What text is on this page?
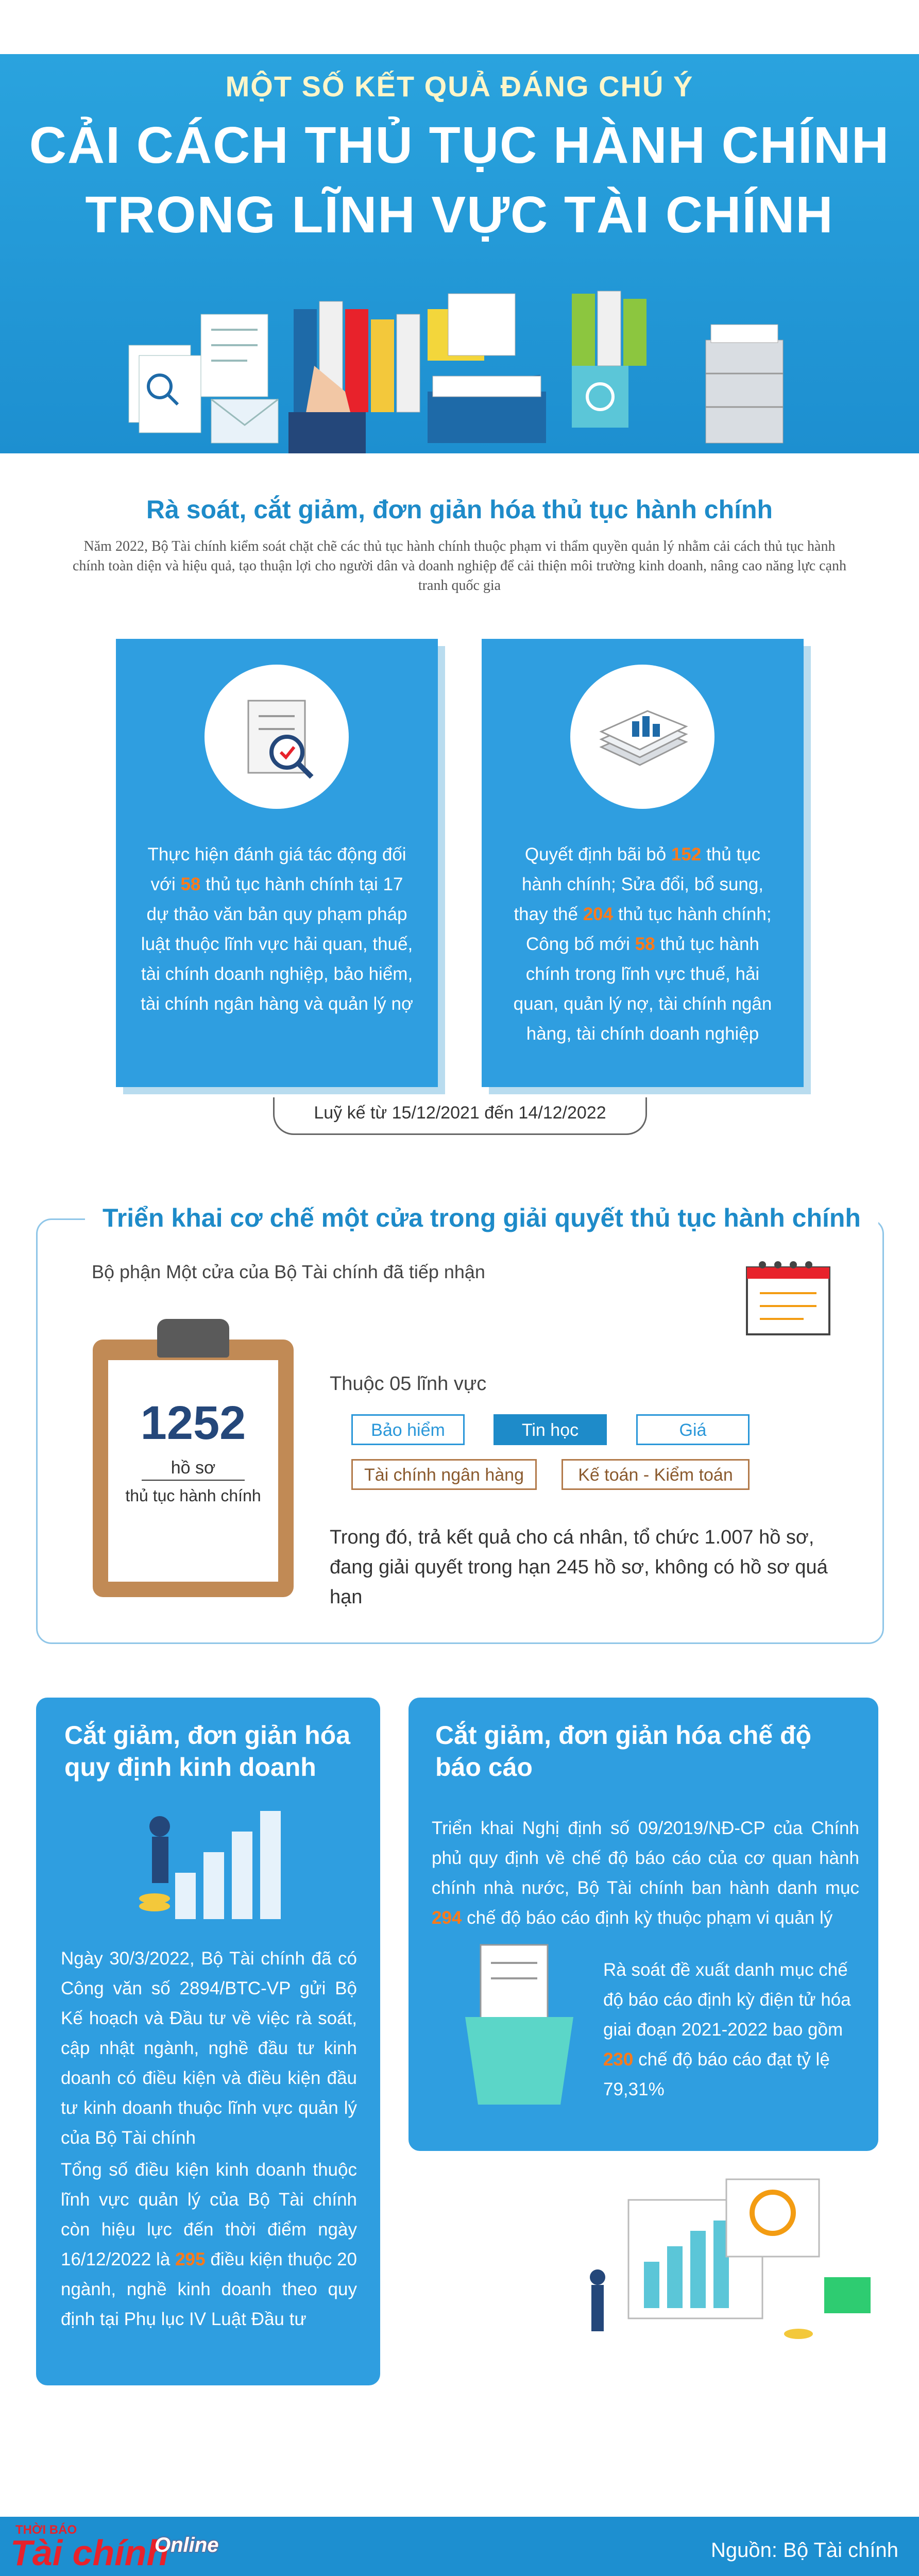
MỘT SỐ KẾT QUẢ ĐÁNG CHÚ Ý
CẢI CÁCH THỦ TỤC HÀNH CHÍNH
TRONG LĨNH VỰC TÀI CHÍNH
Rà soát, cắt giảm, đơn giản hóa thủ tục hành chính
Năm 2022, Bộ Tài chính kiểm soát chặt chẽ các thủ tục hành chính thuộc phạm vi thẩm quyền quản lý nhằm cải cách thủ tục hành chính toàn diện và hiệu quả, tạo thuận lợi cho người dân và doanh nghiệp để cải thiện môi trường kinh doanh, nâng cao năng lực cạnh tranh quốc gia
Thực hiện đánh giá tác động đối với 58 thủ tục hành chính tại 17 dự thảo văn bản quy phạm pháp luật thuộc lĩnh vực hải quan, thuế, tài chính doanh nghiệp, bảo hiểm, tài chính ngân hàng và quản lý nợ
Quyết định bãi bỏ 152 thủ tục hành chính; Sửa đổi, bổ sung, thay thế 204 thủ tục hành chính; Công bố mới 58 thủ tục hành chính trong lĩnh vực thuế, hải quan, quản lý nợ, tài chính ngân hàng, tài chính doanh nghiệp
Luỹ kế từ 15/12/2021 đến 14/12/2022
Triển khai cơ chế một cửa trong giải quyết thủ tục hành chính
Bộ phận Một cửa của Bộ Tài chính đã tiếp nhận
1252
hồ sơ
thủ tục hành chính
Thuộc 05 lĩnh vực
Bảo hiểm	Tin học	Giá
Tài chính ngân hàng	Kế toán - Kiểm toán
Trong đó, trả kết quả cho cá nhân, tổ chức 1.007 hồ sơ, đang giải quyết trong hạn 245 hồ sơ, không có hồ sơ quá hạn
Cắt giảm, đơn giản hóa quy định kinh doanh
Ngày 30/3/2022, Bộ Tài chính đã có Công văn số 2894/BTC-VP gửi Bộ Kế hoạch và Đầu tư về việc rà soát, cập nhật ngành, nghề đầu tư kinh doanh có điều kiện và điều kiện đầu tư kinh doanh thuộc lĩnh vực quản lý của Bộ Tài chính
Tổng số điều kiện kinh doanh thuộc lĩnh vực quản lý của Bộ Tài chính còn hiệu lực đến thời điểm ngày 16/12/2022 là 295 điều kiện thuộc 20 ngành, nghề kinh doanh theo quy định tại Phụ lục IV Luật Đầu tư
Cắt giảm, đơn giản hóa chế độ báo cáo
Triển khai Nghị định số 09/2019/NĐ-CP của Chính phủ quy định về chế độ báo cáo của cơ quan hành chính nhà nước, Bộ Tài chính ban hành danh mục 294 chế độ báo cáo định kỳ thuộc phạm vi quản lý
Rà soát đề xuất danh mục chế độ báo cáo định kỳ điện tử hóa giai đoạn 2021-2022 bao gồm 230 chế độ báo cáo đạt tỷ lệ 79,31%
THỜI BÁO
Tài chính
Online	Nguồn: Bộ Tài chính
